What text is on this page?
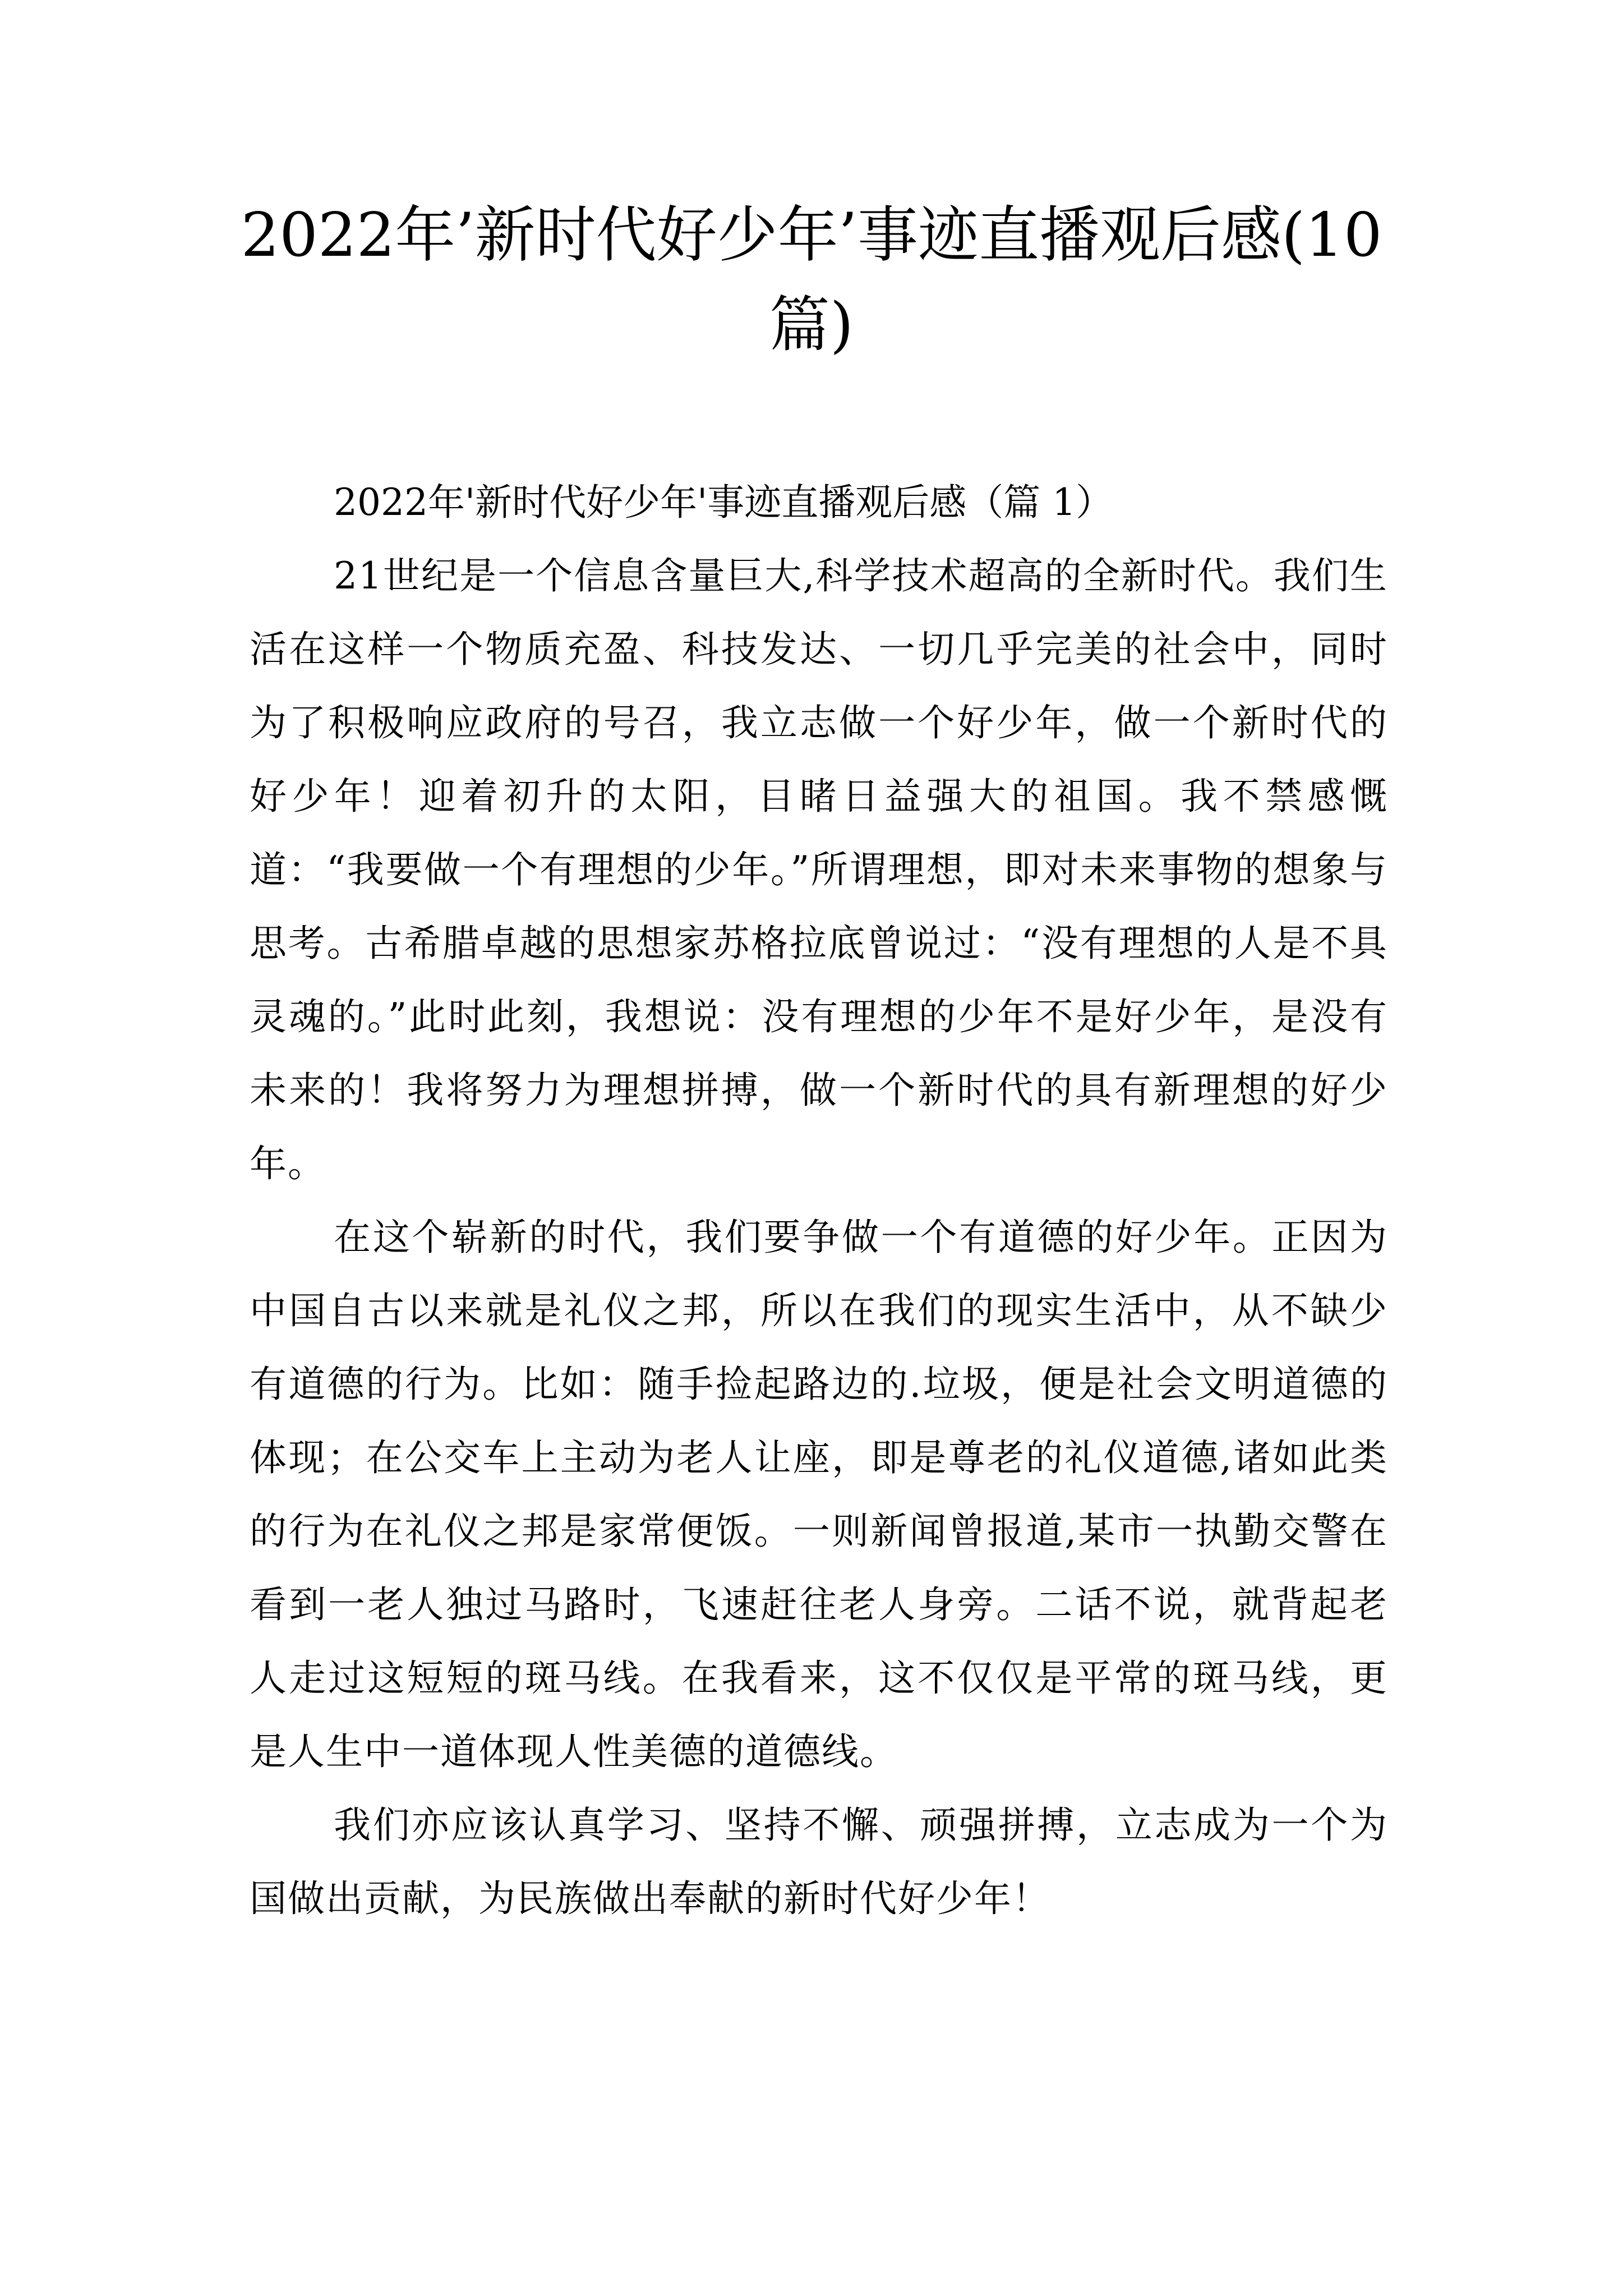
2022年’新时代好少年’事迹直播观后感(10篇)
2022年'新时代好少年'事迹直播观后感（篇 1）

21世纪是一个信息含量巨大,科学技术超高的全新时代。我们生活在这样一个物质充盈、科技发达、一切几乎完美的社会中，同时为了积极响应政府的号召，我立志做一个好少年，做一个新时代的好少年！迎着初升的太阳，目睹日益强大的祖国。我不禁感慨道：“我要做一个有理想的少年。”所谓理想，即对未来事物的想象与思考。古希腊卓越的思想家苏格拉底曾说过：“没有理想的人是不具灵魂的。”此时此刻，我想说：没有理想的少年不是好少年，是没有未来的！我将努力为理想拼搏，做一个新时代的具有新理想的好少年。

在这个崭新的时代，我们要争做一个有道德的好少年。正因为中国自古以来就是礼仪之邦，所以在我们的现实生活中，从不缺少有道德的行为。比如：随手捡起路边的.垃圾，便是社会文明道德的体现；在公交车上主动为老人让座，即是尊老的礼仪道德,诸如此类的行为在礼仪之邦是家常便饭。一则新闻曾报道,某市一执勤交警在看到一老人独过马路时，飞速赶往老人身旁。二话不说，就背起老人走过这短短的斑马线。在我看来，这不仅仅是平常的斑马线，更是人生中一道体现人性美德的道德线。

我们亦应该认真学习、坚持不懈、顽强拼搏，立志成为一个为国做出贡献，为民族做出奉献的新时代好少年！
